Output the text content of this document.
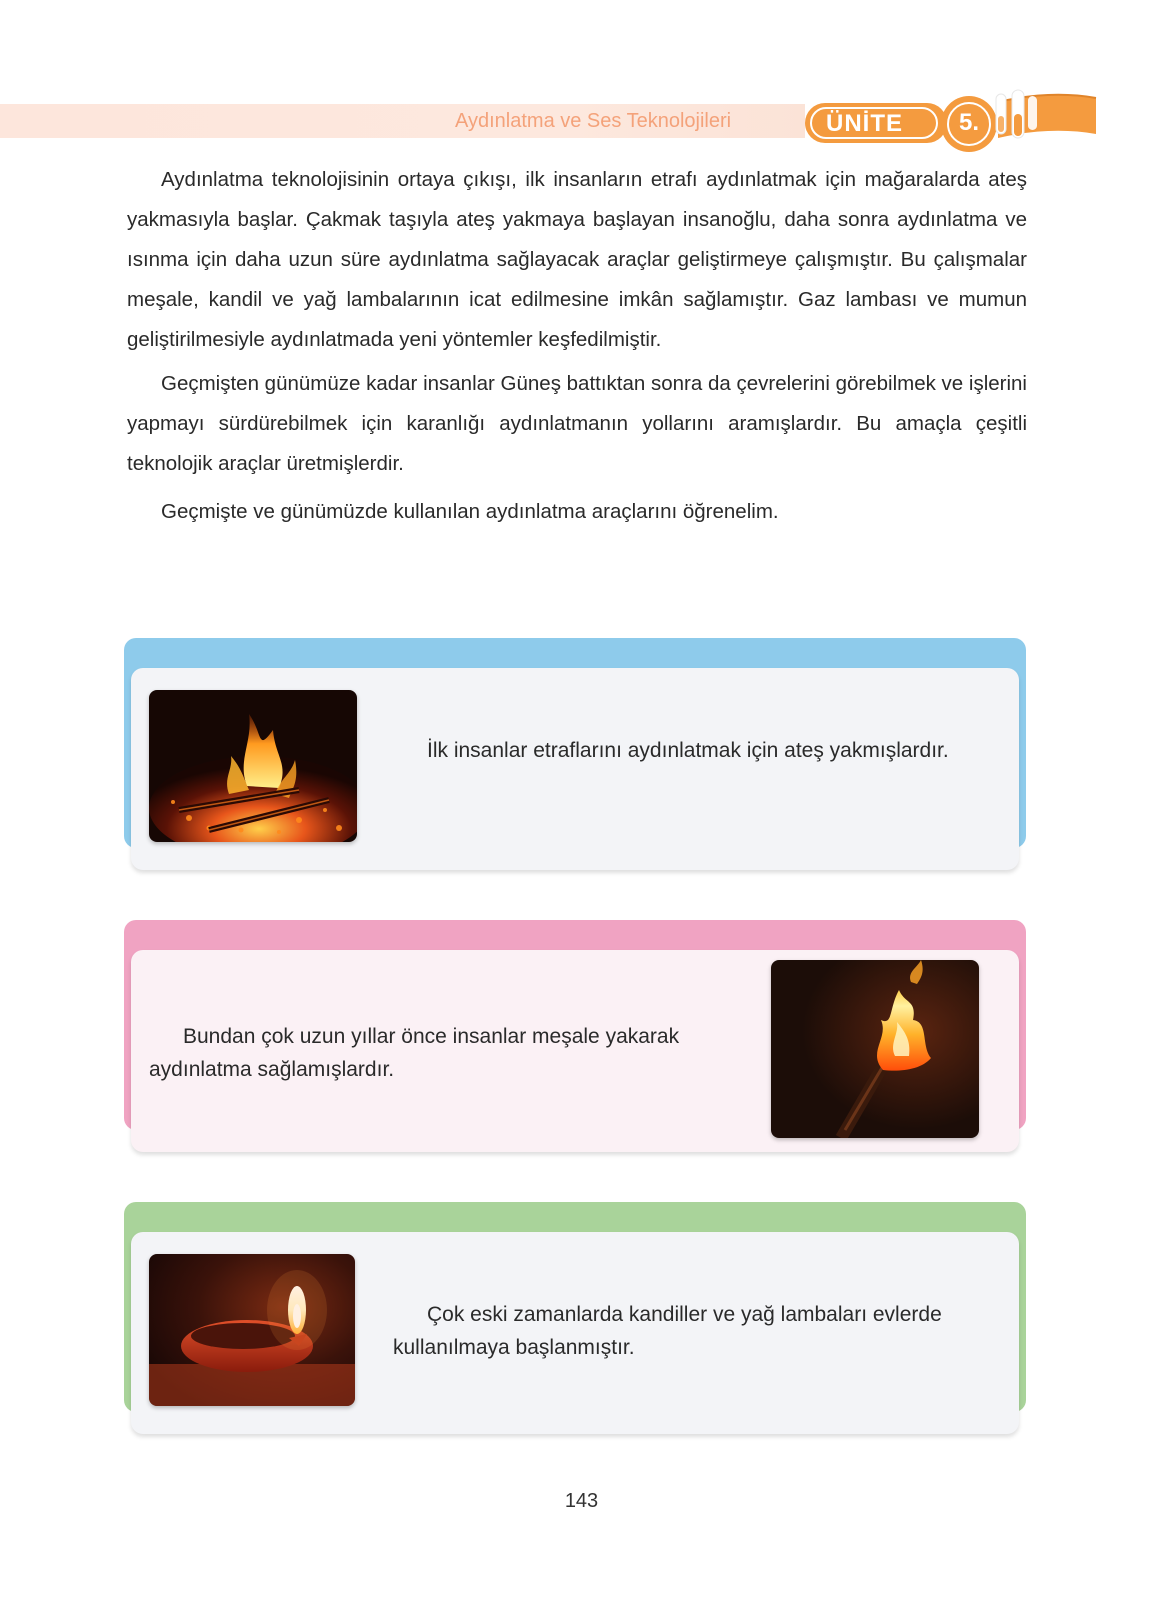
Aydınlatma ve Ses Teknolojileri	ÜNİTE	5.

Aydınlatma teknolojisinin ortaya çıkışı, ilk insanların etrafı aydınlatmak için mağaralarda ateş yakmasıyla başlar. Çakmak taşıyla ateş yakmaya başlayan insanoğlu, daha sonra aydınlatma ve ısınma için daha uzun süre aydınlatma sağlayacak araçlar geliştirmeye çalışmıştır. Bu çalışmalar meşale, kandil ve yağ lambalarının icat edilmesine imkân sağlamıştır. Gaz lambası ve mumun geliştirilmesiyle aydınlatmada yeni yöntemler keşfedilmiştir.

Geçmişten günümüze kadar insanlar Güneş battıktan sonra da çevrelerini görebilmek ve işlerini yapmayı sürdürebilmek için karanlığı aydınlatmanın yollarını aramışlardır. Bu amaçla çeşitli teknolojik araçlar üretmişlerdir.

Geçmişte ve günümüzde kullanılan aydınlatma araçlarını öğrenelim.

İlk insanlar etraflarını aydınlatmak için ateş yakmışlardır.
Bundan çok uzun yıllar önce insanlar meşale yakarak aydınlatma sağlamışlardır.
Çok eski zamanlarda kandiller ve yağ lambaları evlerde kullanılmaya başlanmıştır.
143
